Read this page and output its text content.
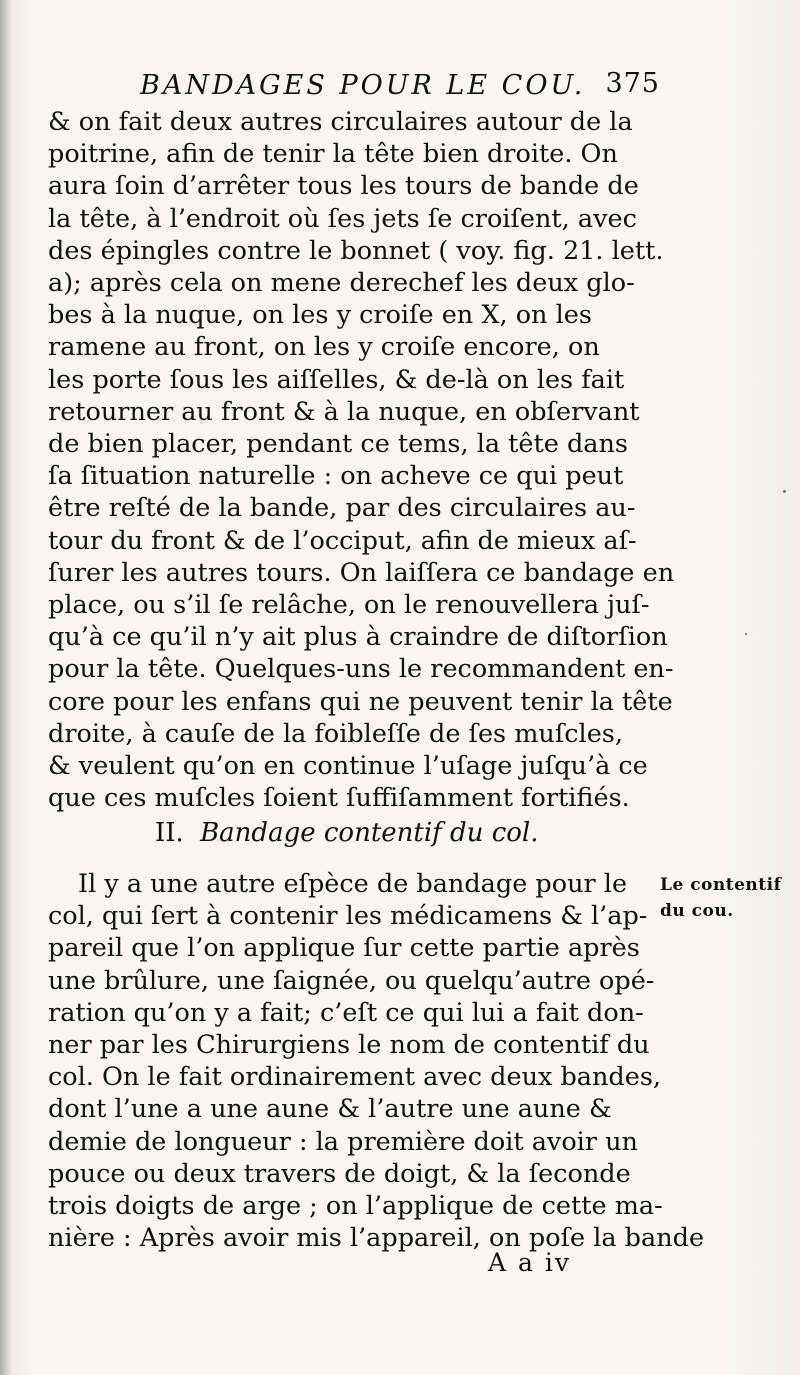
BANDAGES POUR LE COU. 375
& on fait deux autres circulaires autour de la
poitrine, afin de tenir la tête bien droite. On
aura ſoin d’arrêter tous les tours de bande de
la tête, à l’endroit où ſes jets ſe croiſent, avec
des épingles contre le bonnet ( voy. fig. 21. lett.
a); après cela on mene derechef les deux glo-
bes à la nuque, on les y croiſe en X, on les
ramene au front, on les y croiſe encore, on
les porte ſous les aiſſelles, & de-là on les fait
retourner au front & à la nuque, en obſervant
de bien placer, pendant ce tems, la tête dans
ſa ſituation naturelle : on acheve ce qui peut
être reſté de la bande, par des circulaires au-
tour du front & de l’occiput, afin de mieux aſ-
ſurer les autres tours. On laiſſera ce bandage en
place, ou s’il ſe relâche, on le renouvellera juſ-
qu’à ce qu’il n’y ait plus à craindre de diſtorſion
pour la tête. Quelques-uns le recommandent en-
core pour les enfans qui ne peuvent tenir la tête
droite, à cauſe de la foibleſſe de ſes muſcles,
& veulent qu’on en continue l’uſage juſqu’à ce
que ces muſcles ſoient ſuffiſamment fortifiés.
II. Bandage contentif du col.
Il y a une autre eſpèce de bandage pour le
col, qui ſert à contenir les médicamens & l’ap-
pareil que l’on applique ſur cette partie après
une brûlure, une ſaignée, ou quelqu’autre opé-
ration qu’on y a fait; c’eſt ce qui lui a fait don-
ner par les Chirurgiens le nom de contentif du
col. On le fait ordinairement avec deux bandes,
dont l’une a une aune & l’autre une aune &
demie de longueur : la première doit avoir un
pouce ou deux travers de doigt, & la ſeconde
trois doigts de arge ; on l’applique de cette ma-
nière : Après avoir mis l’appareil, on poſe la bande
Le contentif
du cou.
A a iv
